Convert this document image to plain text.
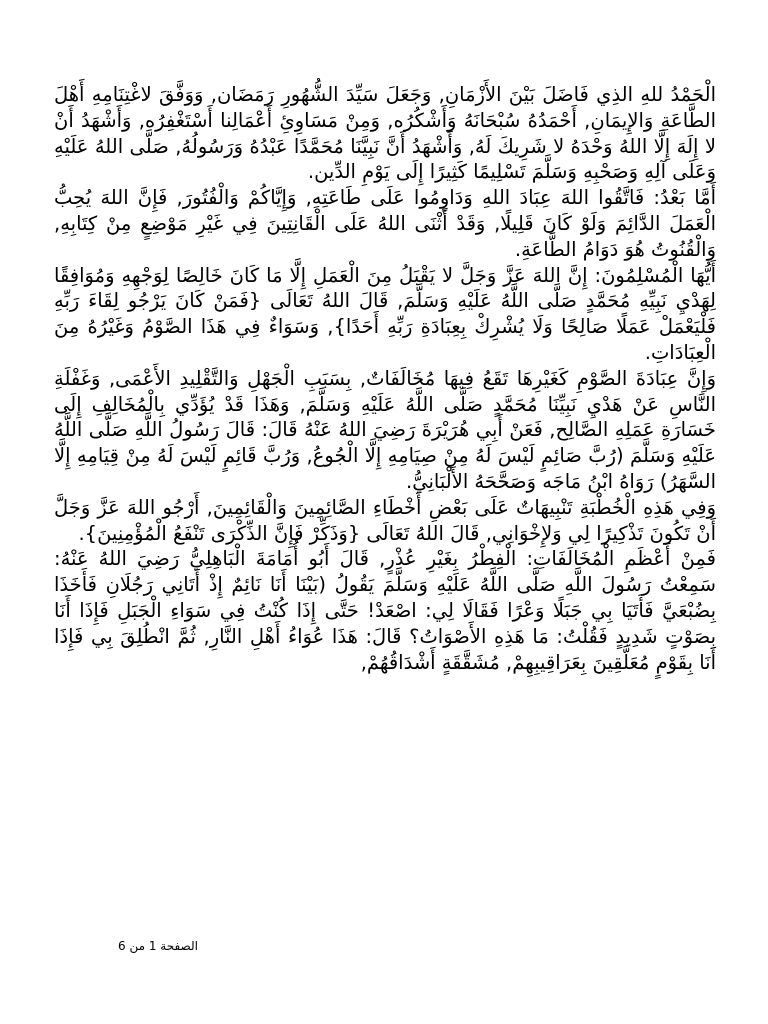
الْحَمْدُ للهِ الذِي فَاضَلَ بَيْنَ الأَزْمَانِ, وَجَعَلَ سَيِّدَ الشُّهُورِ رَمَضَان, وَوَفَّقَ لاغْتِنَامِهِ أَهْلَ الطَّاعَةِ وَالإِيمَانِ, أَحْمَدُهُ سُبْحَانَهُ وَأَشْكُرُه, وَمِنْ مَسَاوِئِ أَعْمَالِنا أَسْتَغْفِرُه, وَأَشْهَدُ أَنْ لا إِلَهَ إِلَّا اللهُ وَحْدَهُ لا شَرِيكَ لَهُ, وَأَشْهَدُ أَنَّ نَبِيَّنَا مُحَمَّدًا عَبْدُهُ وَرَسُولُهُ, صَلَّى اللهُ عَلَيْهِ وَعَلَى آلِهِ وَصَحْبِهِ وَسَلَّمَ تَسْلِيمًا كَثِيرًا إِلَى يَوْمِ الدِّين.

أَمَّا بَعْدُ: فَاتَّقُوا اللهَ عِبَادَ اللهِ وَدَاوِمُوا عَلَى طَاعَتِهِ, وَإِيَّاكُمْ وَالْفُتُورَ, فَإِنَّ اللهَ يُحِبُّ الْعَمَلَ الدَّائِمَ وَلَوْ كَانَ قَلِيلًا, وَقَدْ أَثْنَى اللهُ عَلَى الْقَانِتِينَ فِي غَيْرِ مَوْضِعٍ مِنْ كِتَابِهِ, وَالْقُنُوتُ هُوَ دَوَامُ الطَّاعَةِ.

أَيُّهَا الْمُسْلِمُونَ: إِنَّ اللهَ عَزَّ وَجَلَّ لا يَقْبَلُ مِنَ الْعَمَلِ إِلَّا مَا كَانَ خَالِصًا لِوَجْهِهِ وَمُوَافِقًا لِهَدْيِ نَبِيِّهِ مُحَمَّدٍ صَلَّى اللَّهُ عَلَيْهِ وَسَلَّمَ, قَالَ اللهُ تَعَالَى {فَمَنْ كَانَ يَرْجُو لِقَاءَ رَبِّهِ فَلْيَعْمَلْ عَمَلًا صَالِحًا وَلَا يُشْرِكْ بِعِبَادَةِ رَبِّهِ أَحَدًا}, وَسَوَاءٌ فِي هَذَا الصَّوْمُ وَغَيْرُهُ مِنَ الْعِبَادَاتِ.

وَإِنَّ عِبَادَةَ الصَّوْمِ كَغَيْرِهَا تَقَعُ فِيهَا مُخَالَفَاتٌ, بِسَبَبِ الْجَهْلِ وَالتَّقْلِيدِ الأَعْمَى, وَغَفْلَةِ النَّاسِ عَنْ هَدْيِ نَبِيِّنَا مُحَمَّدٍ صَلَّى اللَّهُ عَلَيْهِ وَسَلَّمَ, وَهَذَا قَدْ يُؤَدِّي بِالْمُخَالِفِ إِلَى خَسَارَةِ عَمَلِهِ الصَّالِح, فَعَنْ أَبِي هُرَيْرَةَ رَضِيَ اللهُ عَنْهُ قَالَ: قَالَ رَسُولُ اللَّهِ صَلَّى اللَّهُ عَلَيْهِ وَسَلَّمَ (رُبَّ صَائِمٍ لَيْسَ لَهُ مِنْ صِيَامِهِ إِلَّا الْجُوعُ, وَرُبَّ قَائِمٍ لَيْسَ لَهُ مِنْ قِيَامِهِ إِلَّا السَّهَرُ) رَوَاهُ ابْنُ مَاجَه وَصَحَّحَهُ الأَلْبَانِيُّ.

وَفِي هَذِهِ الْخُطْبَةِ تَنْبِيهَاتٌ عَلَى بَعْضِ أَخْطَاءِ الصَّائِمِينَ وَالْقَائِمِينَ, أَرْجُو اللهَ عَزَّ وَجَلَّ أَنْ تَكُونَ تَذْكِيرًا لِي وَلإِخْوَانِي, قَالَ اللهُ تَعَالَى {وَذَكِّرْ فَإِنَّ الذِّكْرَى تَنْفَعُ الْمُؤْمِنِينَ}.

فَمِنْ أَعْظَمِ الْمُخَالَفَاتِ: الْفِطْرُ بِغَيْرِ عُذْرٍ, قَالَ أَبُو أُمَامَةَ الْبَاهِلِيُّ رَضِيَ اللهُ عَنْهُ: سَمِعْتُ رَسُولَ اللَّهِ صَلَّى اللَّهُ عَلَيْهِ وَسَلَّمَ يَقُولُ (بَيْنَا أَنَا نَائِمٌ إِذْ أَتَانِي رَجُلَانِ فَأَخَذَا بِضُبْعَيَّ فَأَتَيَا بِي جَبَلًا وَعْرًا فَقَالَا لِي: اصْعَدْ! حَتَّى إِذَا كُنْتُ فِي سَوَاءِ الْجَبَلِ فَإِذَا أَنَا بِصَوْتٍ شَدِيدٍ فَقُلْتُ: مَا هَذِهِ الأَصْوَاتُ؟ قَالَ: هَذَا عُوَاءُ أَهْلِ النَّارِ, ثُمَّ انْطُلِقَ بِي فَإِذَا أَنَا بِقَوْمٍ مُعَلَّقِينَ بِعَرَاقِيبِهِمْ, مُشَقَّقَةٍ أَشْدَاقُهُمْ,

الصفحة 1 من 6
